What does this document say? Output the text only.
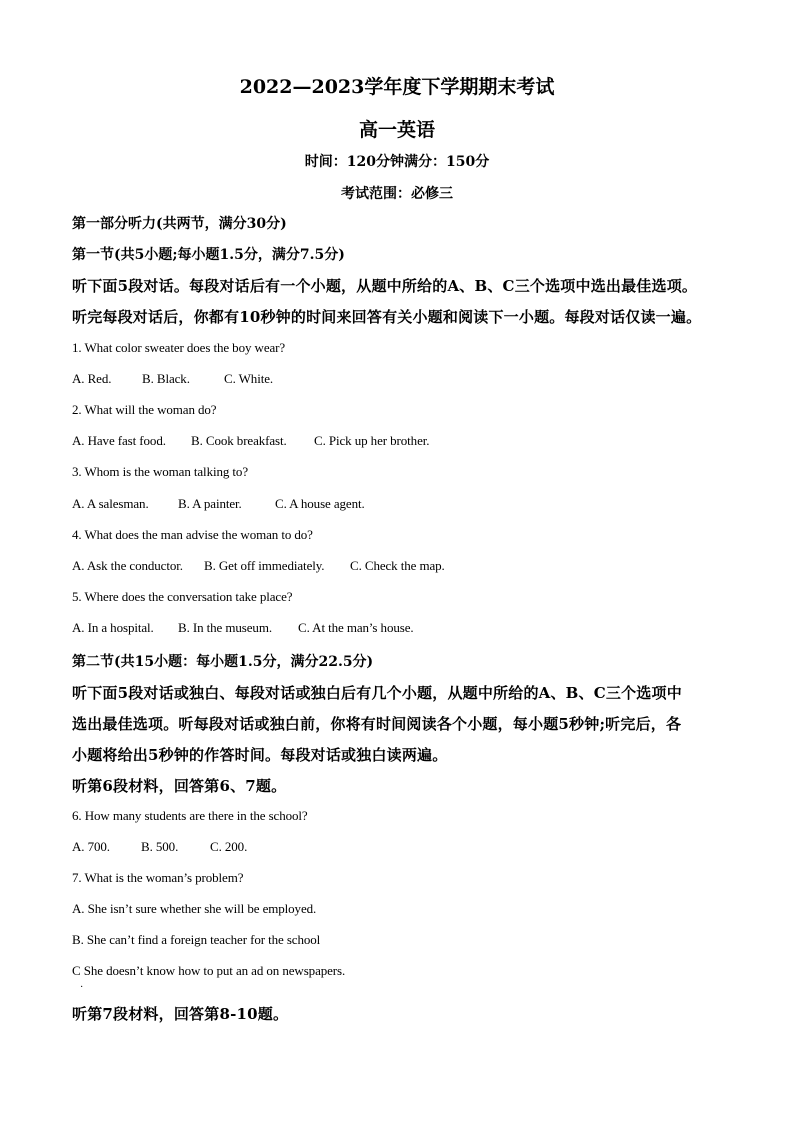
2022—2023学年度下学期期末考试
高一英语
时间：120分钟满分：150分
考试范围：必修三
第一部分听力(共两节，满分30分)
第一节(共5小题;每小题1.5分，满分7.5分)
听下面5段对话。每段对话后有一个小题，从题中所给的A、B、C三个选项中选出最佳选项。
听完每段对话后，你都有10秒钟的时间来回答有关小题和阅读下一小题。每段对话仅读一遍。
1. What color sweater does the boy wear?
A. Red. B. Black.	C. White.
2. What will the woman do?
A. Have fast food. B. Cook breakfast. C. Pick up her brother.
3. Whom is the woman talking to?
A. A salesman. B. A painter.	C. A house agent.
4. What does the man advise the woman to do?
A. Ask the conductor. B. Get off immediately. C. Check the map.
5. Where does the conversation take place?
A. In a hospital. B. In the museum. C. At the man’s house.
第二节(共15小题：每小题1.5分，满分22.5分)
听下面5段对话或独白、每段对话或独白后有几个小题，从题中所给的A、B、C三个选项中
选出最佳选项。听每段对话或独白前，你将有时间阅读各个小题，每小题5秒钟;听完后，各
小题将给出5秒钟的作答时间。每段对话或独白读两遍。
听第6段材料，回答第6、7题。
6. How many students are there in the school?
A. 700. B. 500. C. 200.
7. What is the woman’s problem?
A. She isn’t sure whether she will be employed.
B. She can’t find a foreign teacher for the school
C She doesn’t know how to put an ad on newspapers.
·
听第7段材料，回答第8-10题。
